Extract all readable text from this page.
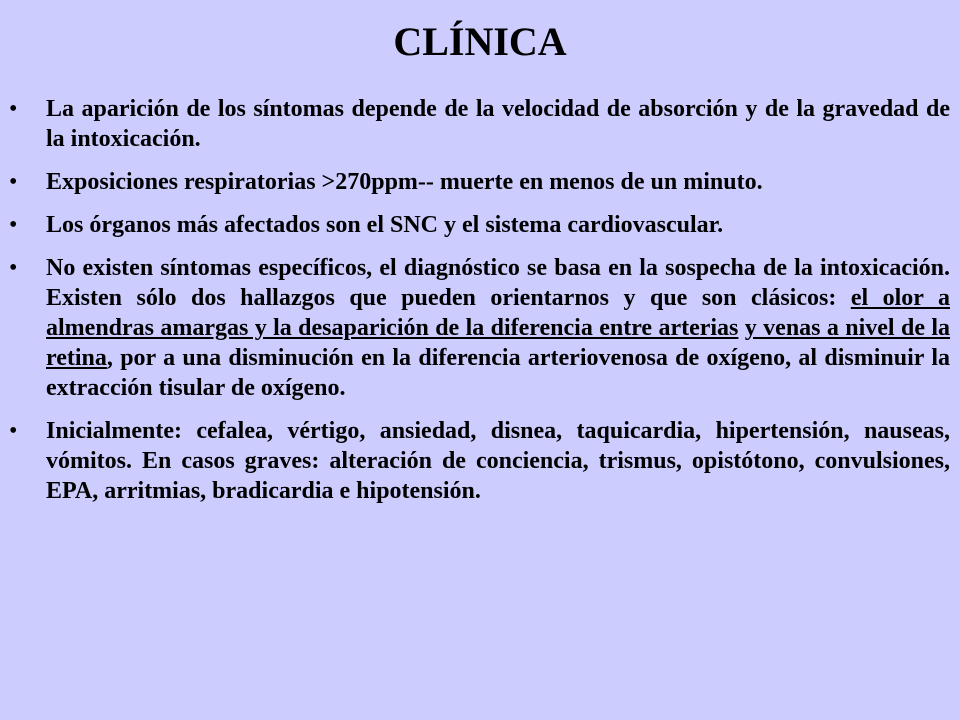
CLÍNICA
• La aparición de los síntomas depende de la velocidad de absorción y de la gravedad de la intoxicación.
• Exposiciones respiratorias >270ppm-- muerte en menos de un minuto.
• Los órganos más afectados son el SNC y el sistema cardiovascular.
• No existen síntomas específicos, el diagnóstico se basa en la sospecha de la intoxicación. Existen sólo dos hallazgos que pueden orientarnos y que son clásicos: el olor a almendras amargas y la desaparición de la diferencia entre arterias y venas a nivel de la retina, por a una disminución en la diferencia arteriovenosa de oxígeno, al disminuir la extracción tisular de oxígeno.
• Inicialmente: cefalea, vértigo, ansiedad, disnea, taquicardia, hipertensión, nauseas, vómitos. En casos graves: alteración de conciencia, trismus, opistótono, convulsiones, EPA, arritmias, bradicardia e hipotensión.
